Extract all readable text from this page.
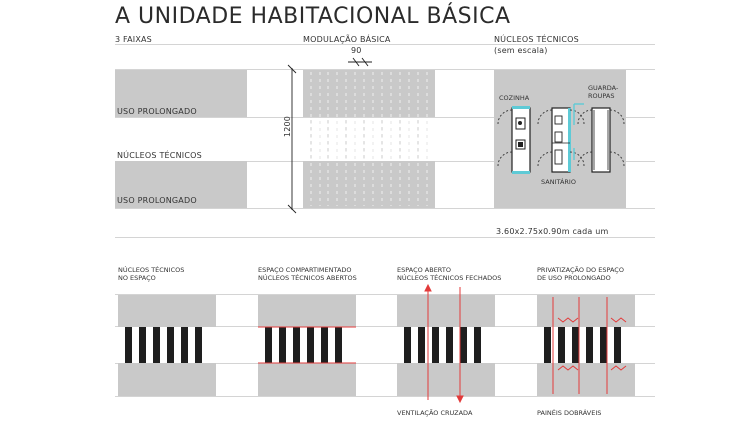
A UNIDADE HABITACIONAL BÁSICA
3 FAIXAS	MODULAÇÃO BÁSICA	NÚCLEOS TÉCNICOS
(sem escala)
USO PROLONGADO
NÚCLEOS TÉCNICOS
USO PROLONGADO
90
1200
COZINHA
GUARDA-
ROUPAS
SANITÁRIO
3.60x2.75x0.90m cada um
NÚCLEOS TÉCNICOS
NO ESPAÇO
ESPAÇO COMPARTIMENTADO
NÚCLEOS TÉCNICOS ABERTOS
ESPAÇO ABERTO
NÚCLEOS TÉCNICOS FECHADOS
PRIVATIZAÇÃO DO ESPAÇO
DE USO PROLONGADO
VENTILAÇÃO CRUZADA	PAINÉIS DOBRÁVEIS
